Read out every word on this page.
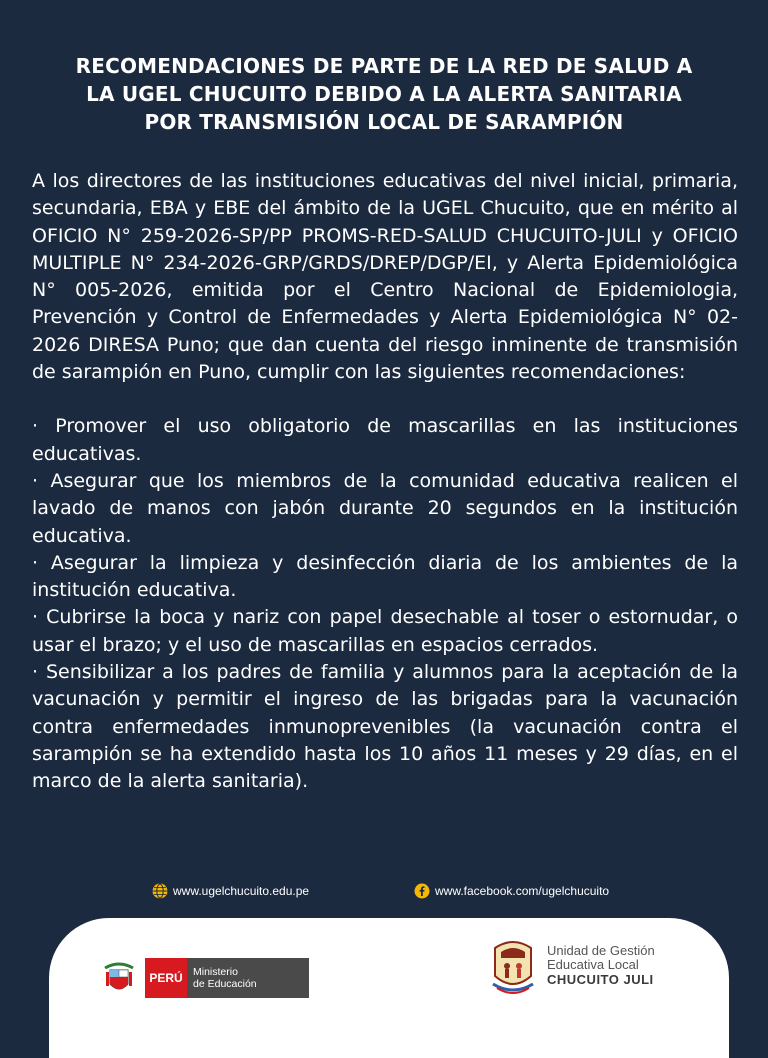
RECOMENDACIONES DE PARTE DE LA RED DE SALUD A
LA UGEL CHUCUITO DEBIDO A LA ALERTA SANITARIA
POR TRANSMISIÓN LOCAL DE SARAMPIÓN

A los directores de las instituciones educativas del nivel inicial, primaria, secundaria, EBA y EBE del ámbito de la UGEL Chucuito, que en mérito al OFICIO N° 259-2026-SP/PP PROMS-RED-SALUD CHUCUITO-JULI y OFICIO MULTIPLE N° 234-2026-GRP/GRDS/DREP/DGP/EI, y Alerta Epidemiológica N° 005-2026, emitida por el Centro Nacional de Epidemiologia, Prevención y Control de Enfermedades y Alerta Epidemiológica N° 02-2026 DIRESA Puno; que dan cuenta del riesgo inminente de transmisión de sarampión en Puno, cumplir con las siguientes recomendaciones:

· Promover el uso obligatorio de mascarillas en las instituciones educativas.

· Asegurar que los miembros de la comunidad educativa realicen el lavado de manos con jabón durante 20 segundos en la institución educativa.

· Asegurar la limpieza y desinfección diaria de los ambientes de la institución educativa.

· Cubrirse la boca y nariz con papel desechable al toser o estornudar, o usar el brazo; y el uso de mascarillas en espacios cerrados.

· Sensibilizar a los padres de familia y alumnos para la aceptación de la vacunación y permitir el ingreso de las brigadas para la vacunación contra enfermedades inmunoprevenibles (la vacunación contra el sarampión se ha extendido hasta los 10 años 11 meses y 29 días, en el marco de la alerta sanitaria).

www.ugelchucuito.edu.pe	www.facebook.com/ugelchucuito
PERÚ Ministerio
de Educación
Unidad de Gestión
Educativa Local
CHUCUITO JULI
